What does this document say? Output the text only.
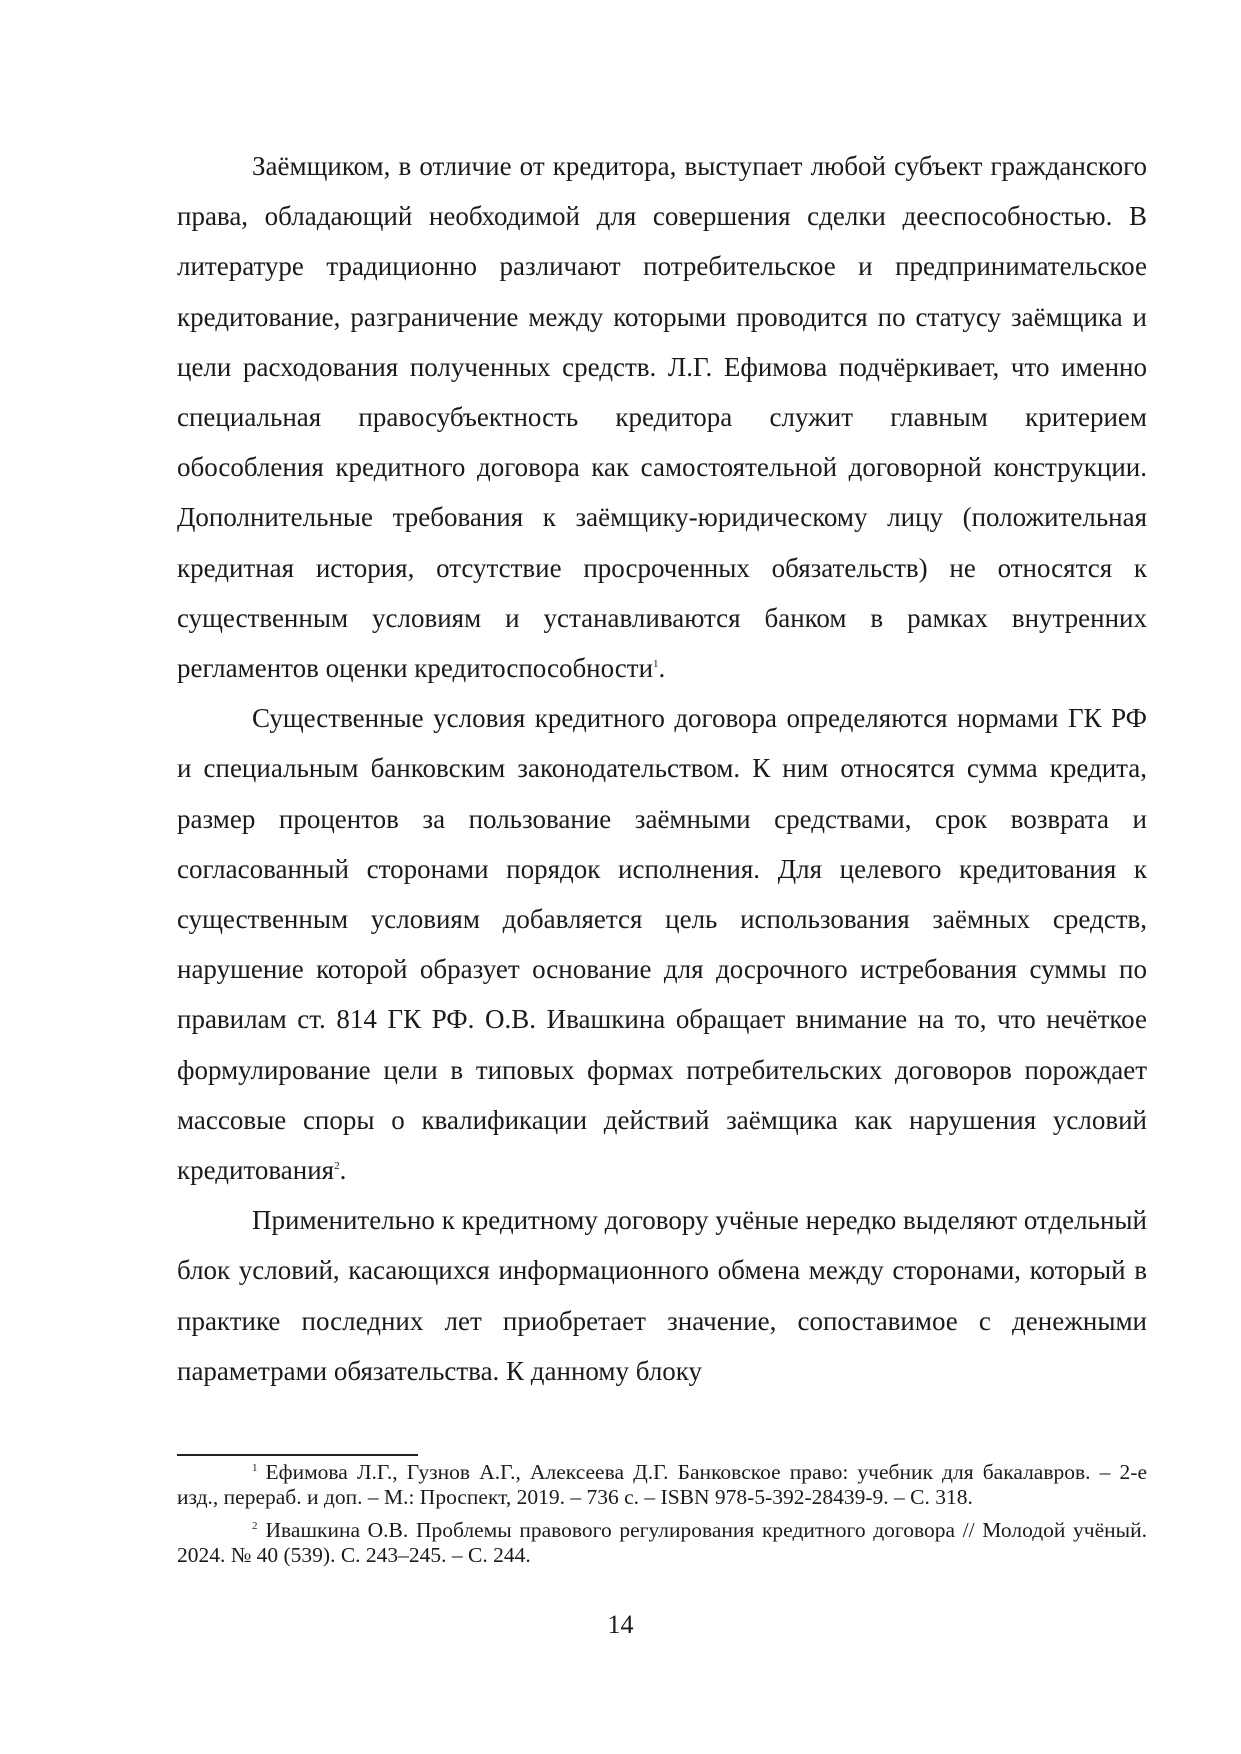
Заёмщиком, в отличие от кредитора, выступает любой субъект гражданского права, обладающий необходимой для совершения сделки дееспособностью. В литературе традиционно различают потребительское и предпринимательское кредитование, разграничение между которыми проводится по статусу заёмщика и цели расходования полученных средств. Л.Г. Ефимова подчёркивает, что именно специальная правосубъектность кредитора служит главным критерием обособления кредитного договора как самостоятельной договорной конструкции. Дополнительные требования к заёмщику-юридическому лицу (положительная кредитная история, отсутствие просроченных обязательств) не относятся к существенным условиям и устанавливаются банком в рамках внутренних регламентов оценки кредитоспособности$^1$.

Существенные условия кредитного договора определяются нормами ГК РФ и специальным банковским законодательством. К ним относятся сумма кредита, размер процентов за пользование заёмными средствами, срок возврата и согласованный сторонами порядок исполнения. Для целевого кредитования к существенным условиям добавляется цель использования заёмных средств, нарушение которой образует основание для досрочного истребования суммы по правилам ст. 814 ГК РФ. О.В. Ивашкина обращает внимание на то, что нечёткое формулирование цели в типовых формах потребительских договоров порождает массовые споры о квалификации действий заёмщика как нарушения условий кредитования$^2$.

Применительно к кредитному договору учёные нередко выделяют отдельный блок условий, касающихся информационного обмена между сторонами, который в практике последних лет приобретает значение, сопоставимое с денежными параметрами обязательства. К данному блоку

$^1$ Ефимова Л.Г., Гузнов А.Г., Алексеева Д.Г. Банковское право: учебник для бакалавров. – 2-е изд., перераб. и доп. – М.: Проспект, 2019. – 736 с. – ISBN 978-5-392-28439-9. – С. 318.

$^2$ Ивашкина О.В. Проблемы правового регулирования кредитного договора // Молодой учёный. 2024. № 40 (539). С. 243–245. – С. 244.

14
